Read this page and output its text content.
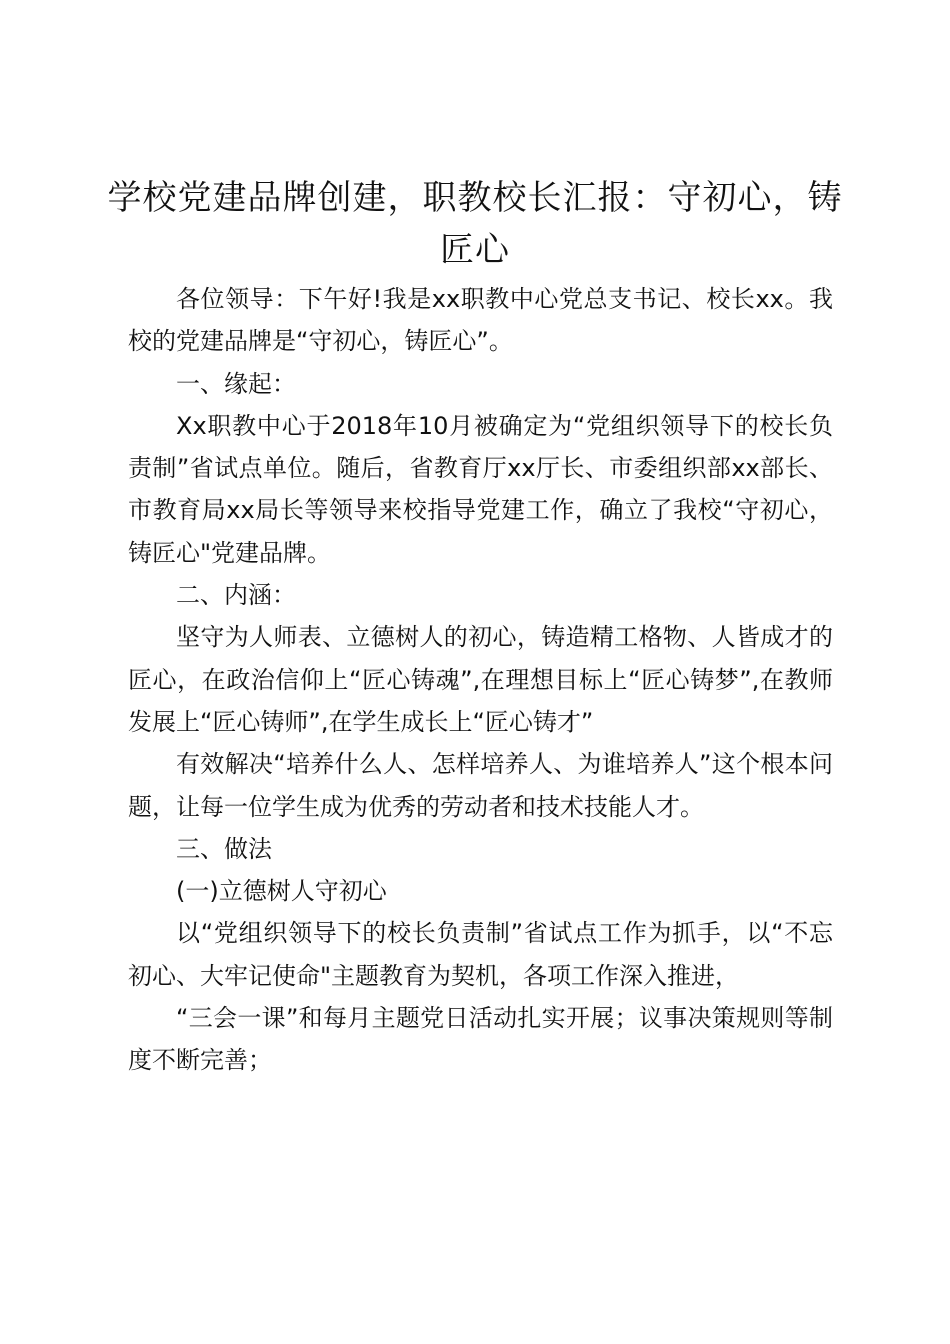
学校党建品牌创建，职教校长汇报：守初心，铸匠心

各位领导：下午好!我是xx职教中心党总支书记、校长xx。我校的党建品牌是“守初心，铸匠心”。

一、缘起：

Xx职教中心于2018年10月被确定为“党组织领导下的校长负责制”省试点单位。随后，省教育厅xx厅长、市委组织部xx部长、市教育局xx局长等领导来校指导党建工作，确立了我校“守初心，铸匠心"党建品牌。

二、内涵：

坚守为人师表、立德树人的初心，铸造精工格物、人皆成才的匠心，在政治信仰上“匠心铸魂”,在理想目标上“匠心铸梦”,在教师发展上“匠心铸师”,在学生成长上“匠心铸才”

有效解决“培养什么人、怎样培养人、为谁培养人”这个根本问题，让每一位学生成为优秀的劳动者和技术技能人才。

三、做法

(一)立德树人守初心

以“党组织领导下的校长负责制”省试点工作为抓手，以“不忘初心、大牢记使命"主题教育为契机，各项工作深入推进，

“三会一课”和每月主题党日活动扎实开展；议事决策规则等制度不断完善；
